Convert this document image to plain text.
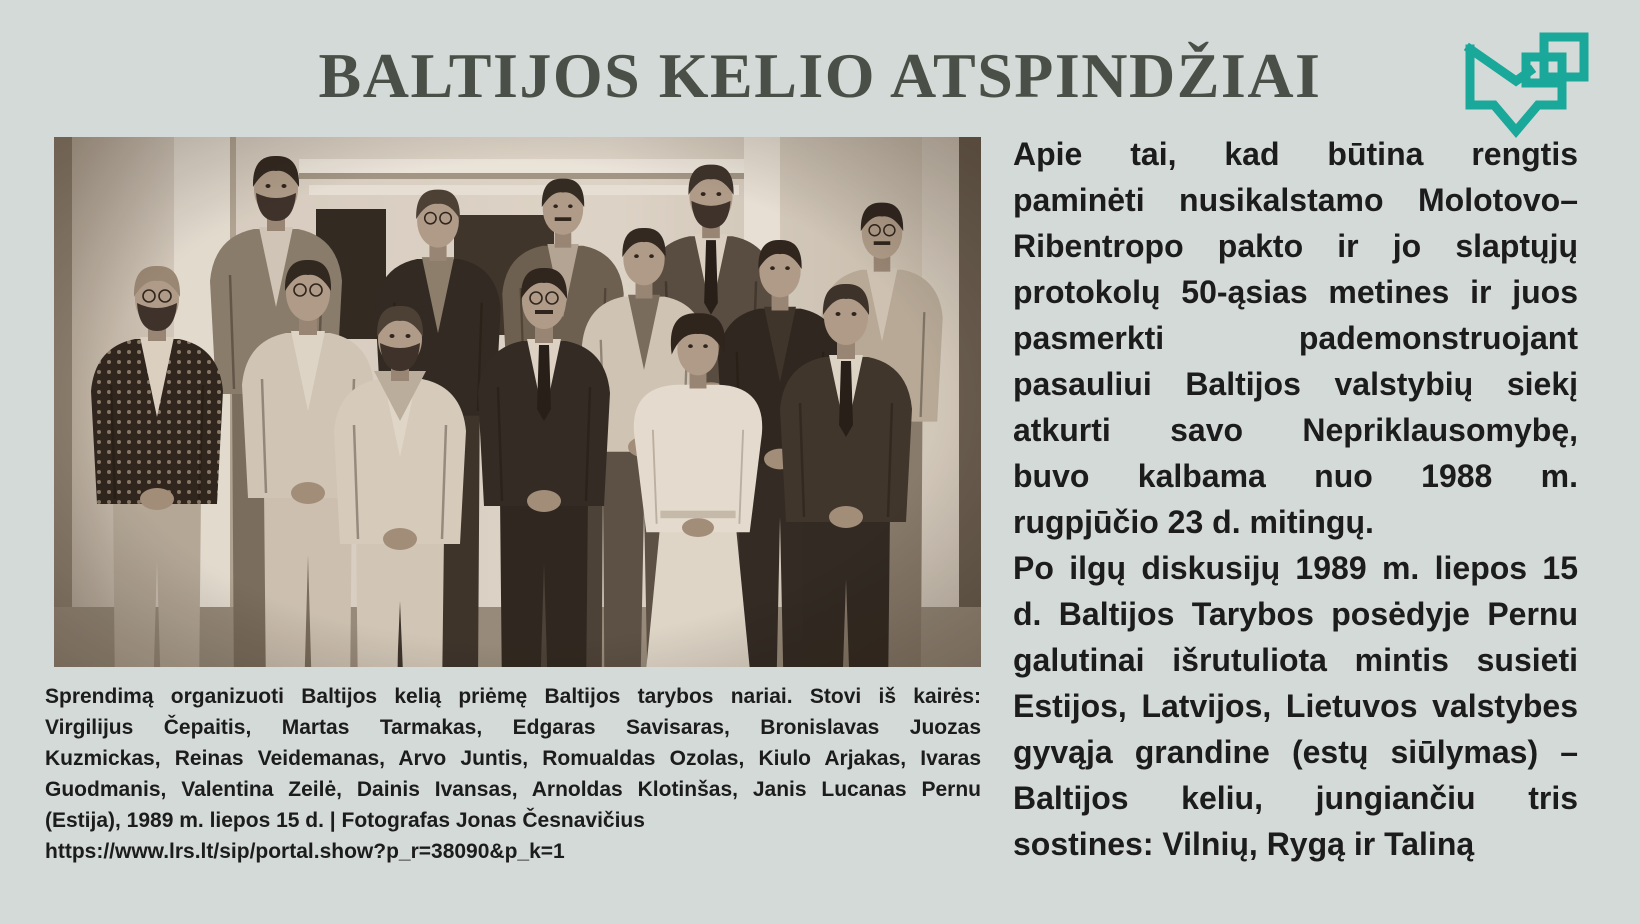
BALTIJOS KELIO ATSPINDŽIAI
Sprendimą organizuoti Baltijos kelią priėmę Baltijos tarybos nariai. Stovi iš kairės:
Virgilijus Čepaitis, Martas Tarmakas, Edgaras Savisaras, Bronislavas Juozas
Kuzmickas, Reinas Veidemanas, Arvo Juntis, Romualdas Ozolas, Kiulo Arjakas, Ivaras
Guodmanis, Valentina Zeilė, Dainis Ivansas, Arnoldas Klotinšas, Janis Lucanas Pernu
(Estija), 1989 m. liepos 15 d. | Fotografas Jonas Česnavičius
https://www.lrs.lt/sip/portal.show?p_r=38090&p_k=1
Apie tai, kad būtina rengtis
paminėti nusikalstamo Molotovo–
Ribentropo pakto ir jo slaptųjų
protokolų 50-ąsias metines ir juos
pasmerkti pademonstruojant
pasauliui Baltijos valstybių siekį
atkurti savo Nepriklausomybę,
buvo kalbama nuo 1988 m.
rugpjūčio 23 d. mitingų.
Po ilgų diskusijų 1989 m. liepos 15
d. Baltijos Tarybos posėdyje Pernu
galutinai išrutuliota mintis susieti
Estijos, Latvijos, Lietuvos valstybes
gyvąja grandine (estų siūlymas) –
Baltijos keliu, jungiančiu tris
sostines: Vilnių, Rygą ir Taliną
